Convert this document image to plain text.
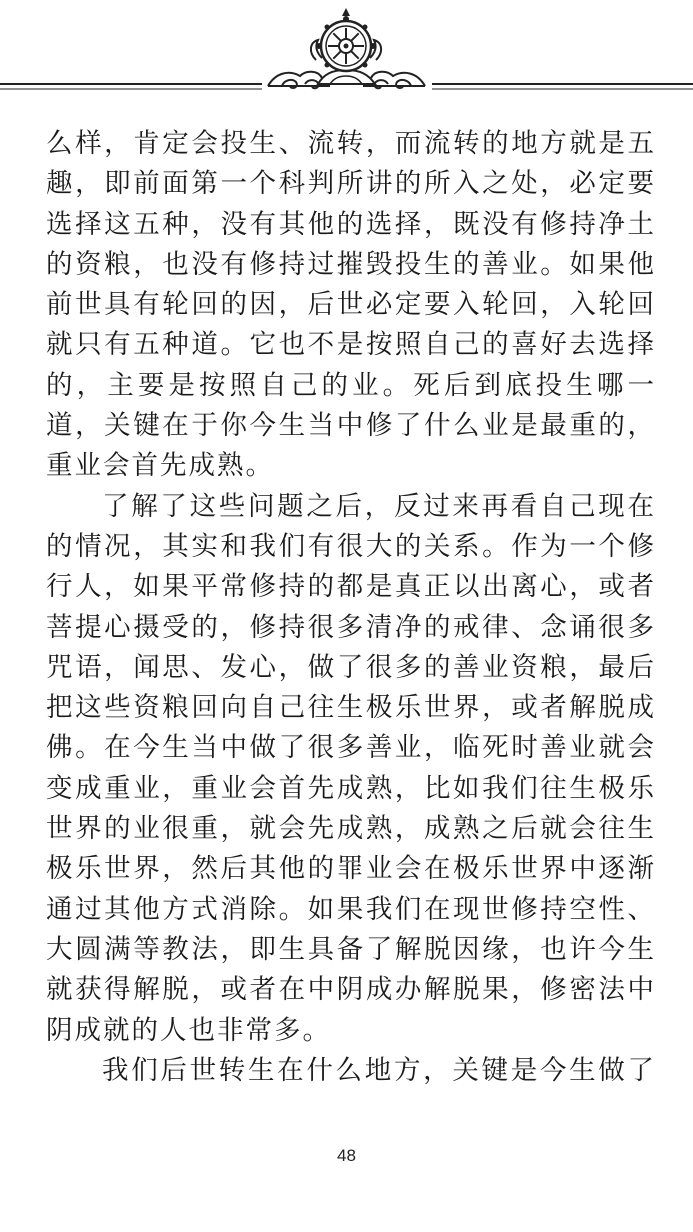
么样，肯定会投生、流转，而流转的地方就是五趣，即前面第一个科判所讲的所入之处，必定要选择这五种，没有其他的选择，既没有修持净土的资粮，也没有修持过摧毁投生的善业。如果他前世具有轮回的因，后世必定要入轮回，入轮回就只有五种道。它也不是按照自己的喜好去选择的，主要是按照自己的业。死后到底投生哪一道，关键在于你今生当中修了什么业是最重的，重业会首先成熟。

了解了这些问题之后，反过来再看自己现在的情况，其实和我们有很大的关系。作为一个修行人，如果平常修持的都是真正以出离心，或者菩提心摄受的，修持很多清净的戒律、念诵很多咒语，闻思、发心，做了很多的善业资粮，最后把这些资粮回向自己往生极乐世界，或者解脱成佛。在今生当中做了很多善业，临死时善业就会变成重业，重业会首先成熟，比如我们往生极乐世界的业很重，就会先成熟，成熟之后就会往生极乐世界，然后其他的罪业会在极乐世界中逐渐通过其他方式消除。如果我们在现世修持空性、大圆满等教法，即生具备了解脱因缘，也许今生就获得解脱，或者在中阴成办解脱果，修密法中阴成就的人也非常多。

我们后世转生在什么地方，关键是今生做了

48
